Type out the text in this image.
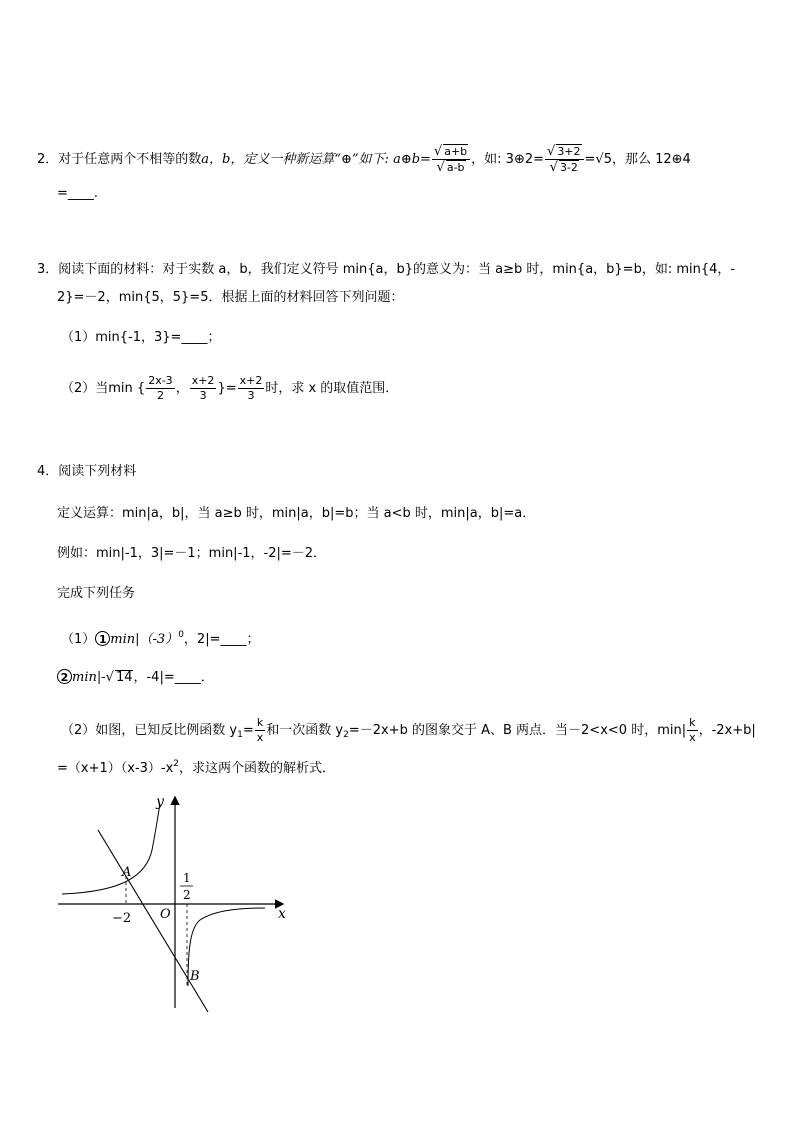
2．对于任意两个不相等的数a，b，定义一种新运算“⊕”如下: a⊕b= $\frac{√ a+b}{√ a-b}$ ，如: 3⊕2= $\frac{√ 3+2}{√ 3-2} =√5$，那么 12⊕4
=____.
3．阅读下面的材料：对于实数 a，b，我们定义符号 min{a，b}的意义为：当 a≥b 时，min{a，b}=b，如: min{4，-
2}=－2，min{5，5}=5．根据上面的材料回答下列问题：
（1）min{-1，3}=____；
（2）当min { $\frac{2x-3}{2}$ ， $\frac{x+2}{3}$ }= $\frac{x+2}{3}$ 时，求 x 的取值范围．
4．阅读下列材料
定义运算：min|a，b|，当 a≥b 时，min|a，b|=b；当 a<b 时，min|a，b|=a．
例如：min|-1，3|=－1；min|-1，-2|=－2．
完成下列任务
（1） 1 $\min|(-3)^0$，2|=____；
2 min|-√ 14，-4|=____．
（2）如图，已知反比例函数 $y_1= \frac{k}{x}$ 和一次函数 $y_2=-2x+b$ 的图象交于 A、B 两点．当－2<x<0 时，$\min| \frac{k}{x}$ ，-2x+b|
$=(x+1)(x-3)-x^2$，求这两个函数的解析式．
y
x
O
A
B
−2
1
2
